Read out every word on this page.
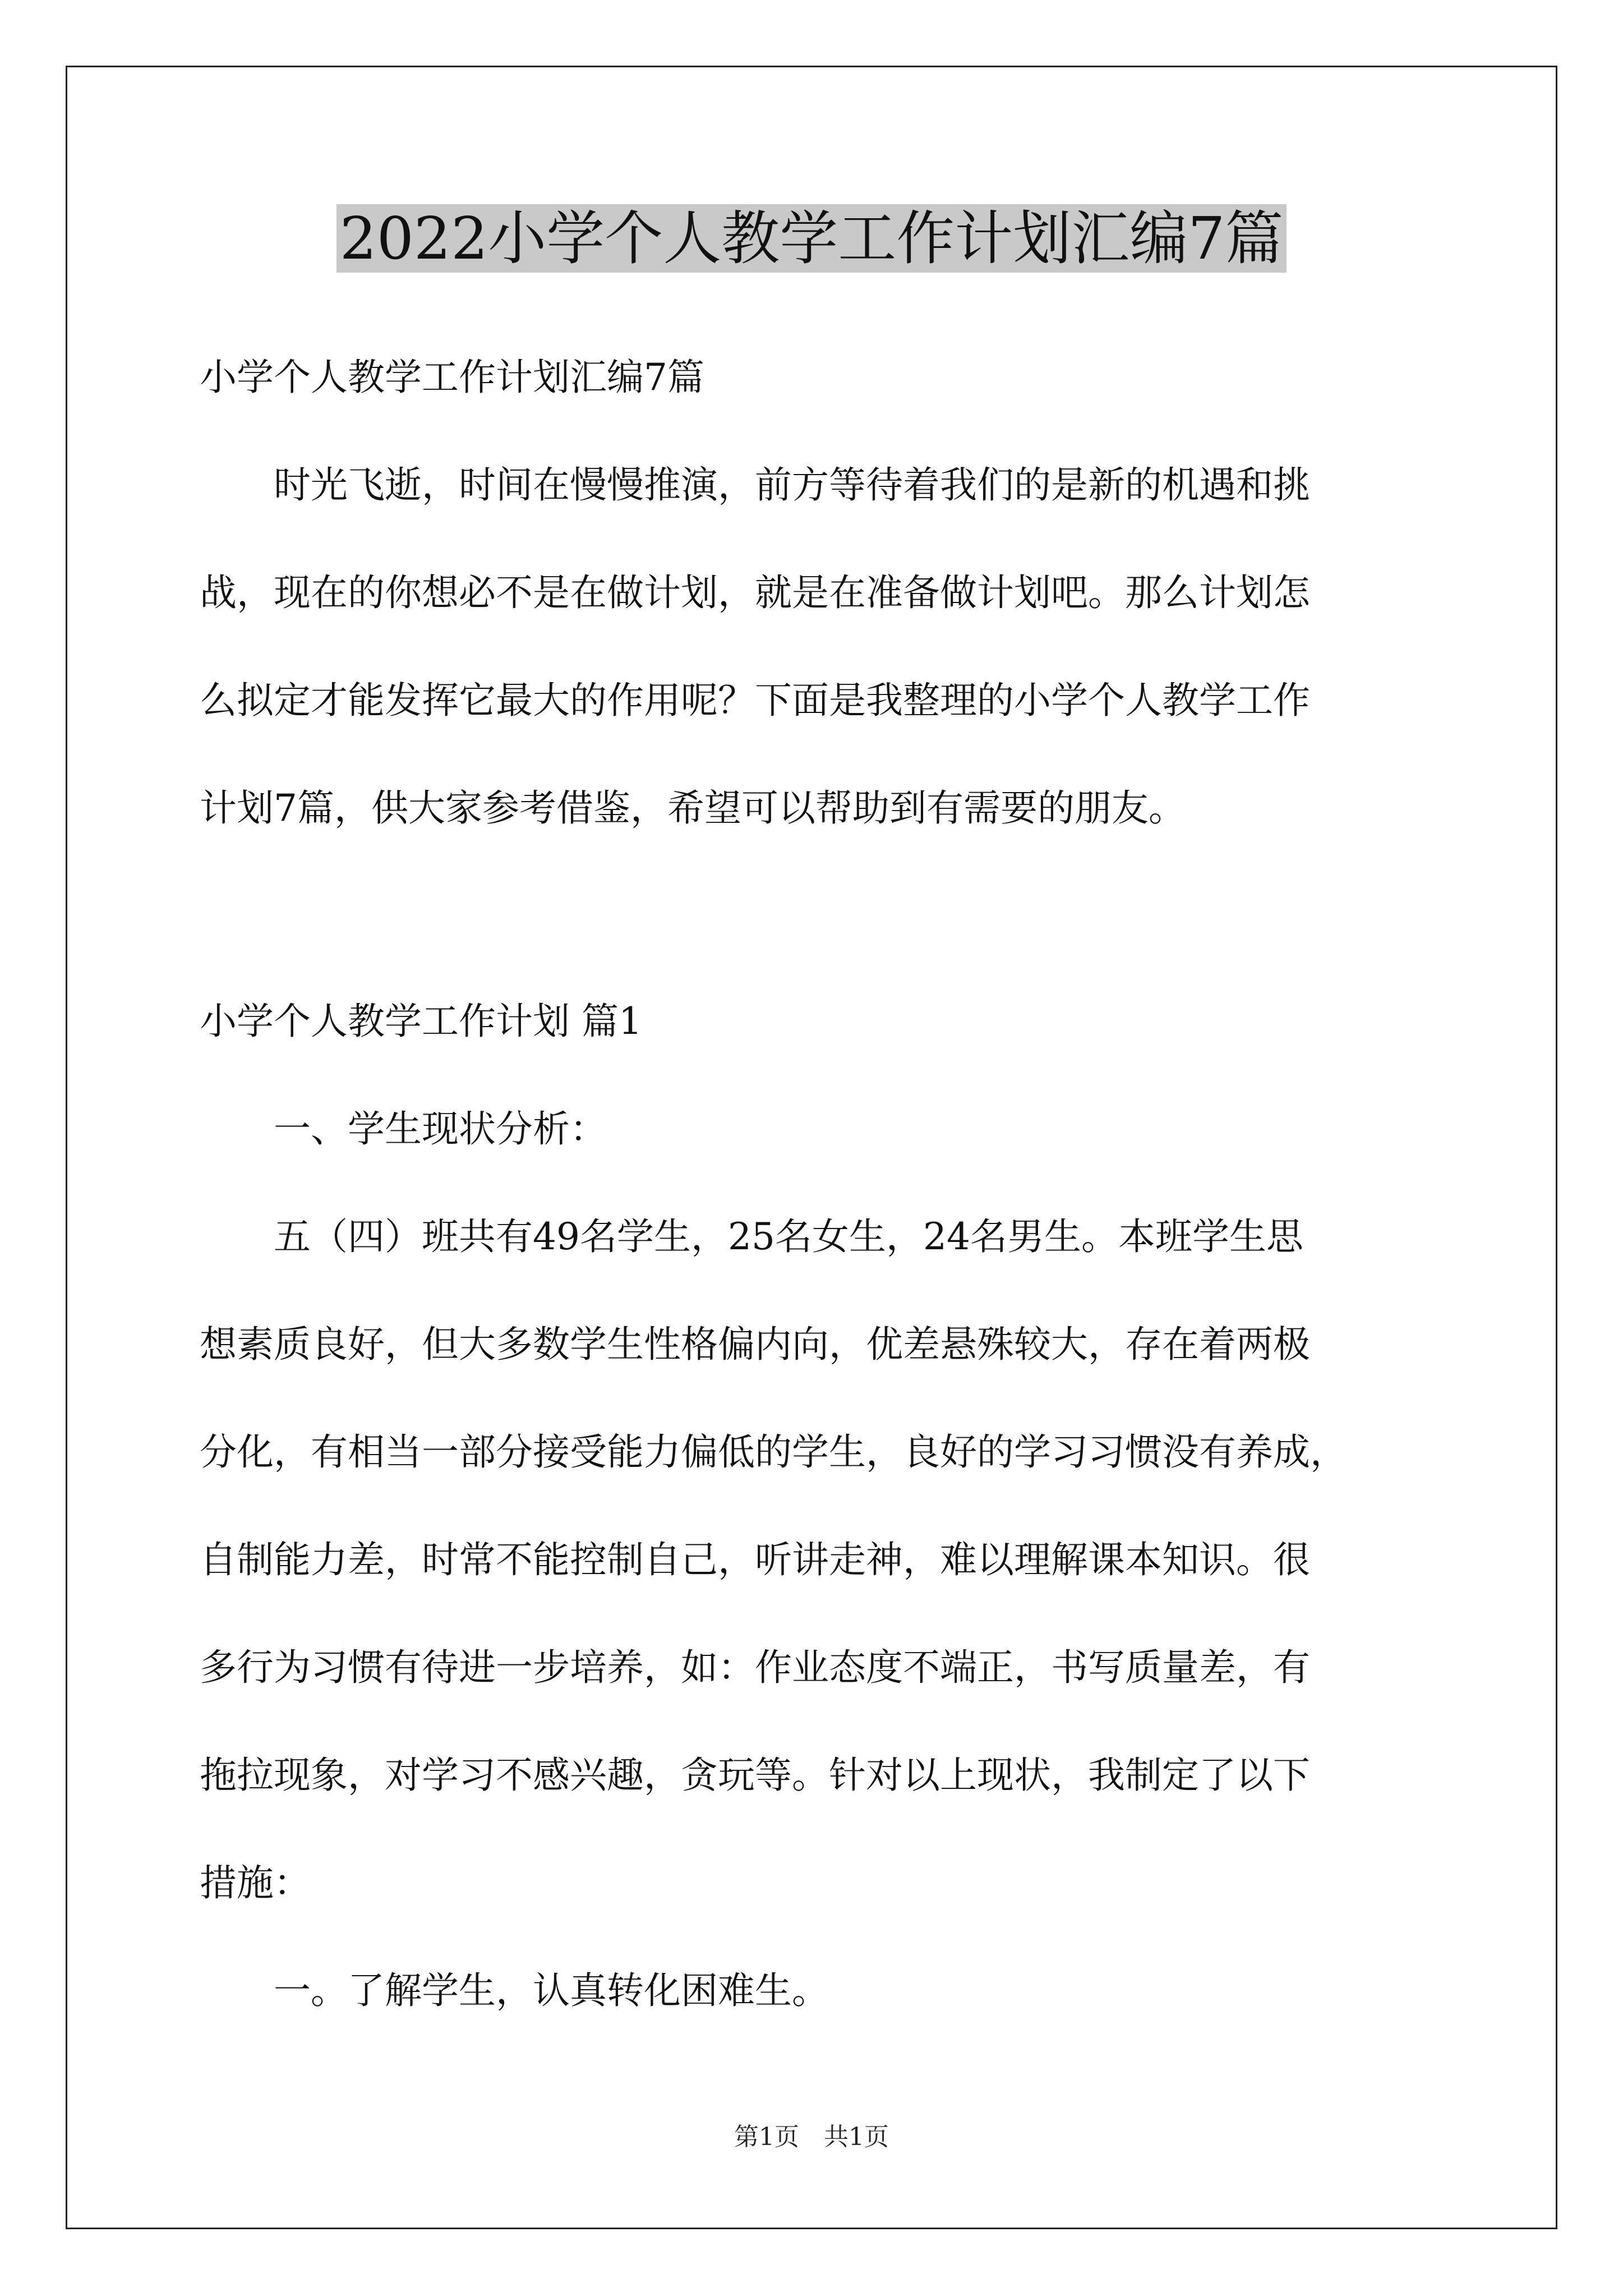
2022小学个人教学工作计划汇编7篇

小学个人教学工作计划汇编7篇

　　时光飞逝，时间在慢慢推演，前方等待着我们的是新的机遇和挑

战，现在的你想必不是在做计划，就是在准备做计划吧。那么计划怎

么拟定才能发挥它最大的作用呢？下面是我整理的小学个人教学工作

计划7篇，供大家参考借鉴，希望可以帮助到有需要的朋友。

小学个人教学工作计划 篇1

　　一、学生现状分析：

　　五（四）班共有49名学生，25名女生，24名男生。本班学生思

想素质良好，但大多数学生性格偏内向，优差悬殊较大，存在着两极

分化，有相当一部分接受能力偏低的学生，良好的学习习惯没有养成，

自制能力差，时常不能控制自己，听讲走神，难以理解课本知识。很

多行为习惯有待进一步培养，如：作业态度不端正，书写质量差，有

拖拉现象，对学习不感兴趣，贪玩等。针对以上现状，我制定了以下

措施：

　　一。了解学生，认真转化困难生。

第1页　共1页
